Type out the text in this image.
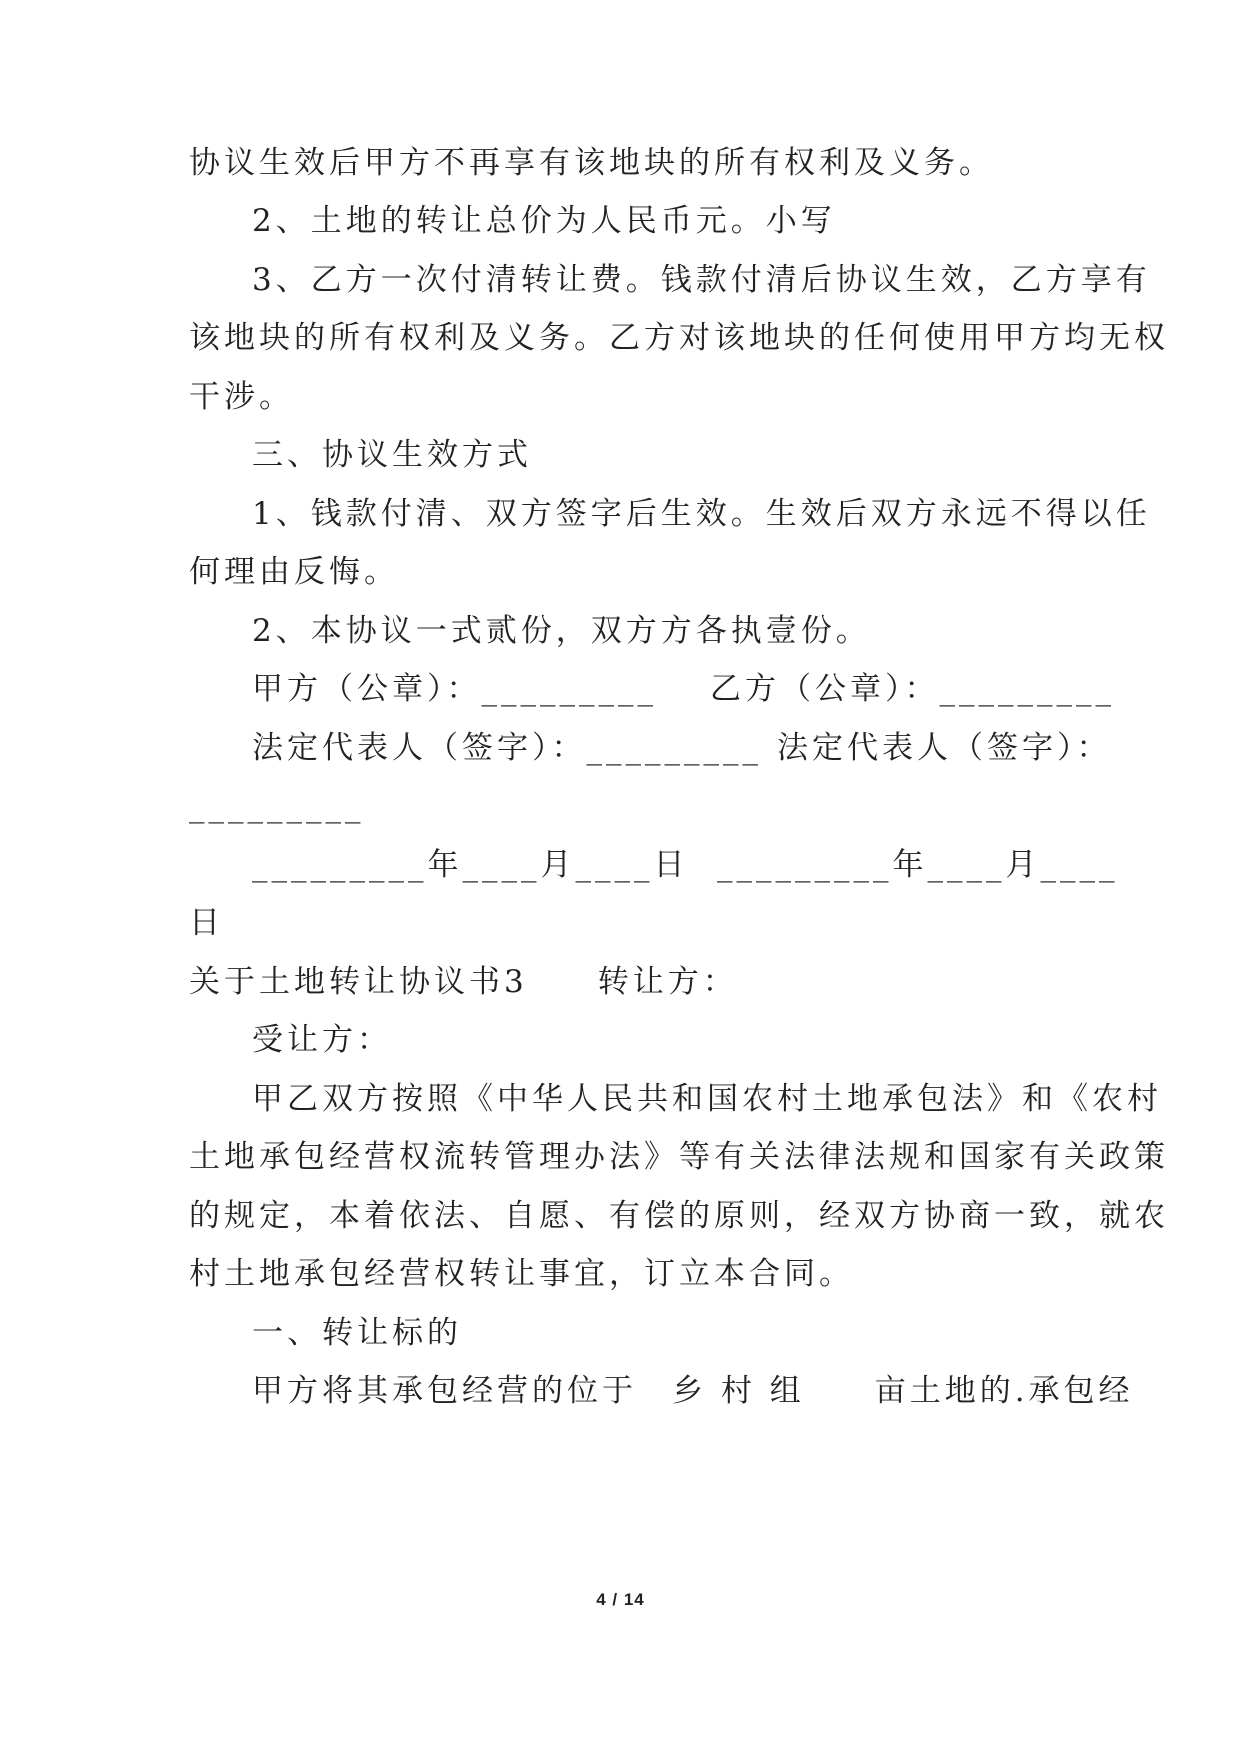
协议生效后甲方不再享有该地块的所有权利及义务。
2、土地的转让总价为人民币元。小写
3、乙方一次付清转让费。钱款付清后协议生效，乙方享有
该地块的所有权利及义务。乙方对该地块的任何使用甲方均无权
干涉。
三、协议生效方式
1、钱款付清、双方签字后生效。生效后双方永远不得以任
何理由反悔。
2、本协议一式贰份，双方方各执壹份。
甲方（公章）：_________ 乙方（公章）：_________
法定代表人（签字）：_________ 法定代表人（签字）：
_________
_________年____月____日 _________年____月____
日
关于土地转让协议书3　　转让方：
受让方：
甲乙双方按照《中华人民共和国农村土地承包法》和《农村
土地承包经营权流转管理办法》等有关法律法规和国家有关政策
的规定，本着依法、自愿、有偿的原则，经双方协商一致，就农
村土地承包经营权转让事宜，订立本合同。
一、转让标的
甲方将其承包经营的位于　乡 村 组　　亩土地的.承包经
4 / 14
